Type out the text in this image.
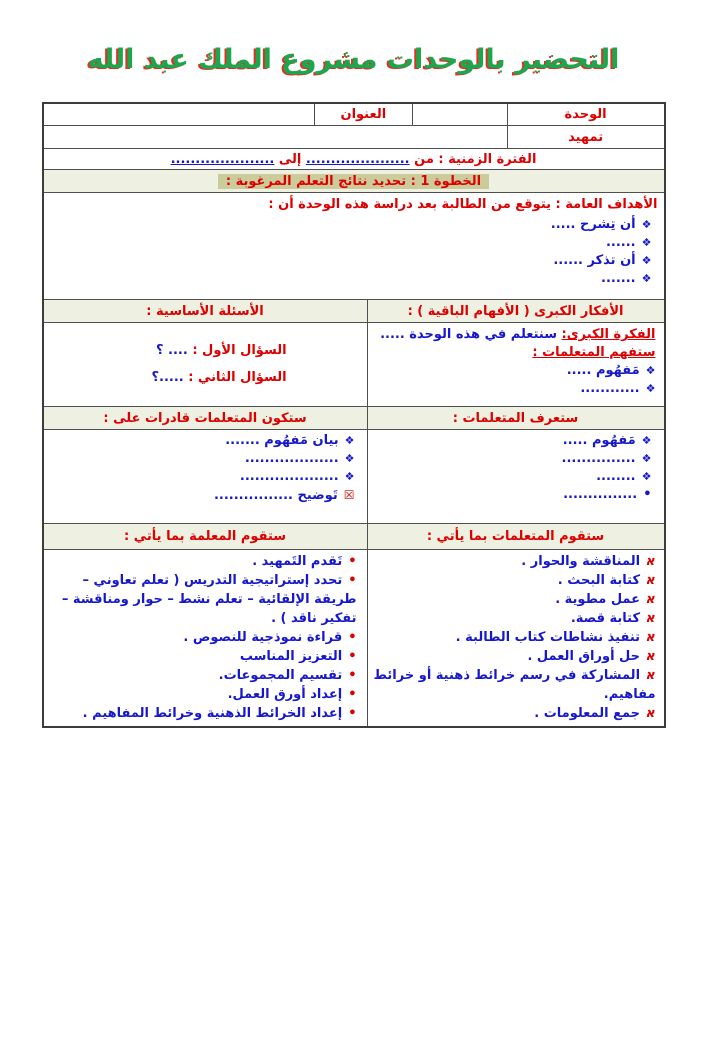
التحضير بالوحدات مشروع الملك عبد الله
الوحدة
العنوان
تمهيد
الفترة الزمنية : من ..................... إلى .....................
الخطوة 1 : تحديد نتائج التعلم المرغوبة :
الأهداف العامة : يتوقع من الطالبة بعد دراسة هذه الوحدة أن :
❖أن تِشرح .....
❖......
❖أن تذكر ......
❖.......
الأفكار الكبرى ( الأفهام الباقية ) :
الأسئلة الأساسية :
الفكرة الكبرى: سنتعلم في هذه الوحدة .....
ستفهم المتعلمات :
❖مَفهُوم .....
❖............
السؤال الأول : .... ؟
السؤال الثاني : .....؟
ستعرف المتعلمات :
ستكون المتعلمات قادرات على :
❖مَفهُوم .....
❖...............
❖........
•...............
❖بيان مَفهُوم .......
❖...................
❖....................
☒تَوضيح ................
ستقوم المتعلمات بما يأتي :
ستقوم المعلمة بما يأتي :
אالمناقشة والحوار .
אكتابة البحث .
אعمل مطوية .
אكتابة قصة.
אتنفيذ نشاطات كتاب الطالبة .
אحل أوراق العمل .
אالمشاركة في رسم خرائط ذهنية أو خرائط مفاهيم.
אجمع المعلومات .
•تَقدم التَمهيد .
•تحدد إستراتيجية التدريس ( تعلم تعاوني – طريقة الإلقائية – تعلم نشط – حوار ومناقشة – تفكير ناقد ) .
•قراءة نموذجية للنصوص .
•التعزيز المناسب
•تقسيم المجموعات.
•إعداد أورق العمل.
•إعداد الخرائط الذهنية وخرائط المفاهيم .
